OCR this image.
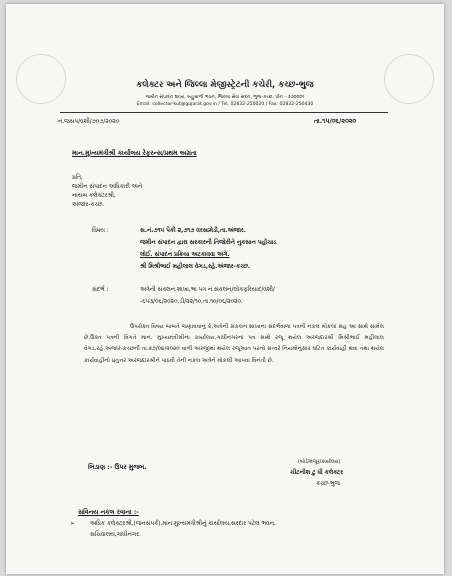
કલેક્ટર અને જિલ્લા મેજીસ્ટ્રેટની કચેરી, કચ્છ-ભુજ
જમીન સંપાદન શાખા, બહુમાળી ભવન, જિલ્લા સેવા સદન, ભુજ-કચ્છ, પીન - ૩૭૦૦૦૧
Email: collector-kut@gujarat.gov.in / Tel. 02832-250020 / Fax: 02832-250430
નં.જસપ/વશી/૭૦૭/૨૦૨૦	તા.૧૫/૦૬/૨૦૨૦
માન.મુખ્યમંત્રીશ્રી કાર્યાલય રેફરન્સ/પ્રથમ અગ્રતા
પ્રતિ,
જમીન સંપાદન અધિકારી અને
નાયબ કલેક્ટરશ્રી,
અંજાર-કચ્છ.
વિષય :	સ.નં.૭૧૫ પૈકી ૨,૭૧૭ વરસામેડી,તા.અંજાર.
જમીન સંપાદન દ્વારા સરકારની તિજોરીને નુકસાન પહોંચાડ
લોઈ. સંપાદન પ્રક્રિયા અટકાવવા અંગે.
શ્રી મિશ્રીભાઈ મહીલાલ વેગડ,રહે.અંજાર-કચ્છ.
સંદર્ભ :	અત્રેની સંકલન શાખા,ભા પત્ર નં.સંકલન/લોકફરિયાદ/વશી/
-૬૫૩/૦૬/૨૦૨૦,ડી/૨૨/૧૦,તા.૧૦/૦૬/૨૦૨૦.
ઉપરોક્ત વિષય બાબતે જણાવવાનું કે,અત્રેની સંકલન શાખાના સંદર્ભવાળા પત્રની નકલ મોકલા સહ આ સાથે સામેલ છે.ઉક્ત પત્રની વિગતે માન. મુખ્યમંત્રીશ્રીના કાર્યાલય,ગાંધીનગરના પત્ર સાથે રજૂ થયેલ અરજદારશ્રી મિશ્રીભાઈ મહીલાલ વેગડ,રહે.અંજાર-કચ્છની તા.૨૭/૦૪/૨૦૨૦ વાળી અરજીમાં થયેલ રજૂઆત પરત્વે સત્વરે નિયમોનુસાર ઘટિત કાર્યવાહી થવા તથા થયેલ કાર્યવાહીનો પ્રતુત્તર અરજદારશ્રીને પાઠવી તેની નકલ અત્રેને મોકલી આપવા વિનંતી છે.
બિડાણ :- ઉપર મુજબ.
(બોર્ડ/મંજૂર/કાર્યાલય)
ચીટનીશ ટુ ધી કલેક્ટર
કચ્છ-ભુજ
સવિનય નકલ રવાના :-
➢	અધિક કલેક્ટરશ્રી,(જનસંપર્ક),માન.મુખ્યમંત્રીશ્રીનું કાર્યાલય,સરદાર પટેલ ભવન,
સચિવાલય,ગાંધીનગર.
